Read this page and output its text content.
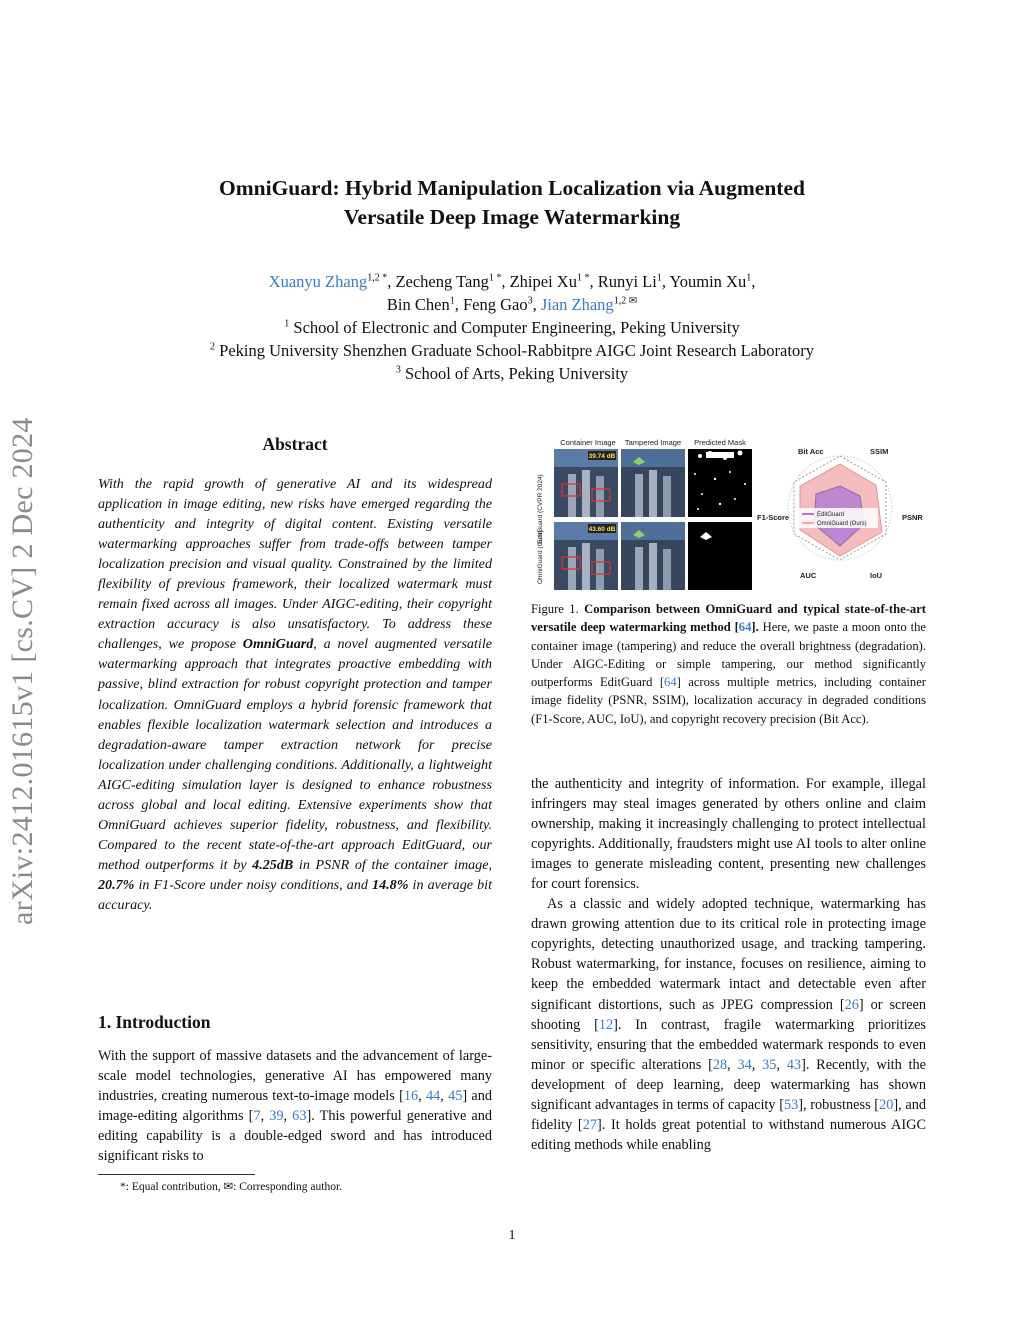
arXiv:2412.01615v1 [cs.CV] 2 Dec 2024
OmniGuard: Hybrid Manipulation Localization via Augmented
Versatile Deep Image Watermarking
Xuanyu Zhang$^{1,2 *}$, Zecheng Tang$^{1 *}$, Zhipei $Xu^{1 *}$, Runyi Li$^1$, Youmin Xu$^1$,
Bin Chen$^1$, Feng Gao$^3$, Jian Zhang$^{1,2 ✉}$
$^1$ School of Electronic and Computer Engineering, Peking University
$^2$ Peking University Shenzhen Graduate School-Rabbitpre AIGC Joint Research Laboratory
$^3$ School of Arts, Peking University
Abstract
With the rapid growth of generative AI and its widespread application in image editing, new risks have emerged regarding the authenticity and integrity of digital content. Existing versatile watermarking approaches suffer from trade-offs between tamper localization precision and visual quality. Constrained by the limited flexibility of previous framework, their localized watermark must remain fixed across all images. Under AIGC-editing, their copyright extraction accuracy is also unsatisfactory. To address these challenges, we propose OmniGuard, a novel augmented versatile watermarking approach that integrates proactive embedding with passive, blind extraction for robust copyright protection and tamper localization. OmniGuard employs a hybrid forensic framework that enables flexible localization watermark selection and introduces a degradation-aware tamper extraction network for precise localization under challenging conditions. Additionally, a lightweight AIGC-editing simulation layer is designed to enhance robustness across global and local editing. Extensive experiments show that OmniGuard achieves superior fidelity, robustness, and flexibility. Compared to the recent state-of-the-art approach EditGuard, our method outperforms it by 4.25dB in PSNR of the container image, 20.7% in F1-Score under noisy conditions, and 14.8% in average bit accuracy.
1. Introduction
With the support of massive datasets and the advancement of large-scale model technologies, generative AI has empowered many industries, creating numerous text-to-image models [16, 44, 45] and image-editing algorithms [7, 39, 63]. This powerful generative and editing capability is a double-edged sword and has introduced significant risks to
*: Equal contribution, ✉: Corresponding author.
1
Container Image Tampered Image Predicted Mask
EditGuard (CVPR 2024)
OmniGuard (Ours)
39.74 dB
43.60 dB
Bit Acc	SSIM
PSNR
IoU
AUC
F1-Score	EditGuard
OmniGuard (Ours)
Figure 1. Comparison between OmniGuard and typical state-of-the-art versatile deep watermarking method [64]. Here, we paste a moon onto the container image (tampering) and reduce the overall brightness (degradation). Under AIGC-Editing or simple tampering, our method significantly outperforms EditGuard [64] across multiple metrics, including container image fidelity (PSNR, SSIM), localization accuracy in degraded conditions (F1-Score, AUC, IoU), and copyright recovery precision (Bit Acc).

the authenticity and integrity of information. For example, illegal infringers may steal images generated by others online and claim ownership, making it increasingly challenging to protect intellectual copyrights. Additionally, fraudsters might use AI tools to alter online images to generate misleading content, presenting new challenges for court forensics.

As a classic and widely adopted technique, watermarking has drawn growing attention due to its critical role in protecting image copyrights, detecting unauthorized usage, and tracking tampering. Robust watermarking, for instance, focuses on resilience, aiming to keep the embedded watermark intact and detectable even after significant distortions, such as JPEG compression [26] or screen shooting [12]. In contrast, fragile watermarking prioritizes sensitivity, ensuring that the embedded watermark responds to even minor or specific alterations [28, 34, 35, 43]. Recently, with the development of deep learning, deep watermarking has shown significant advantages in terms of capacity [53], robustness [20], and fidelity [27]. It holds great potential to withstand numerous AIGC editing methods while enabling
